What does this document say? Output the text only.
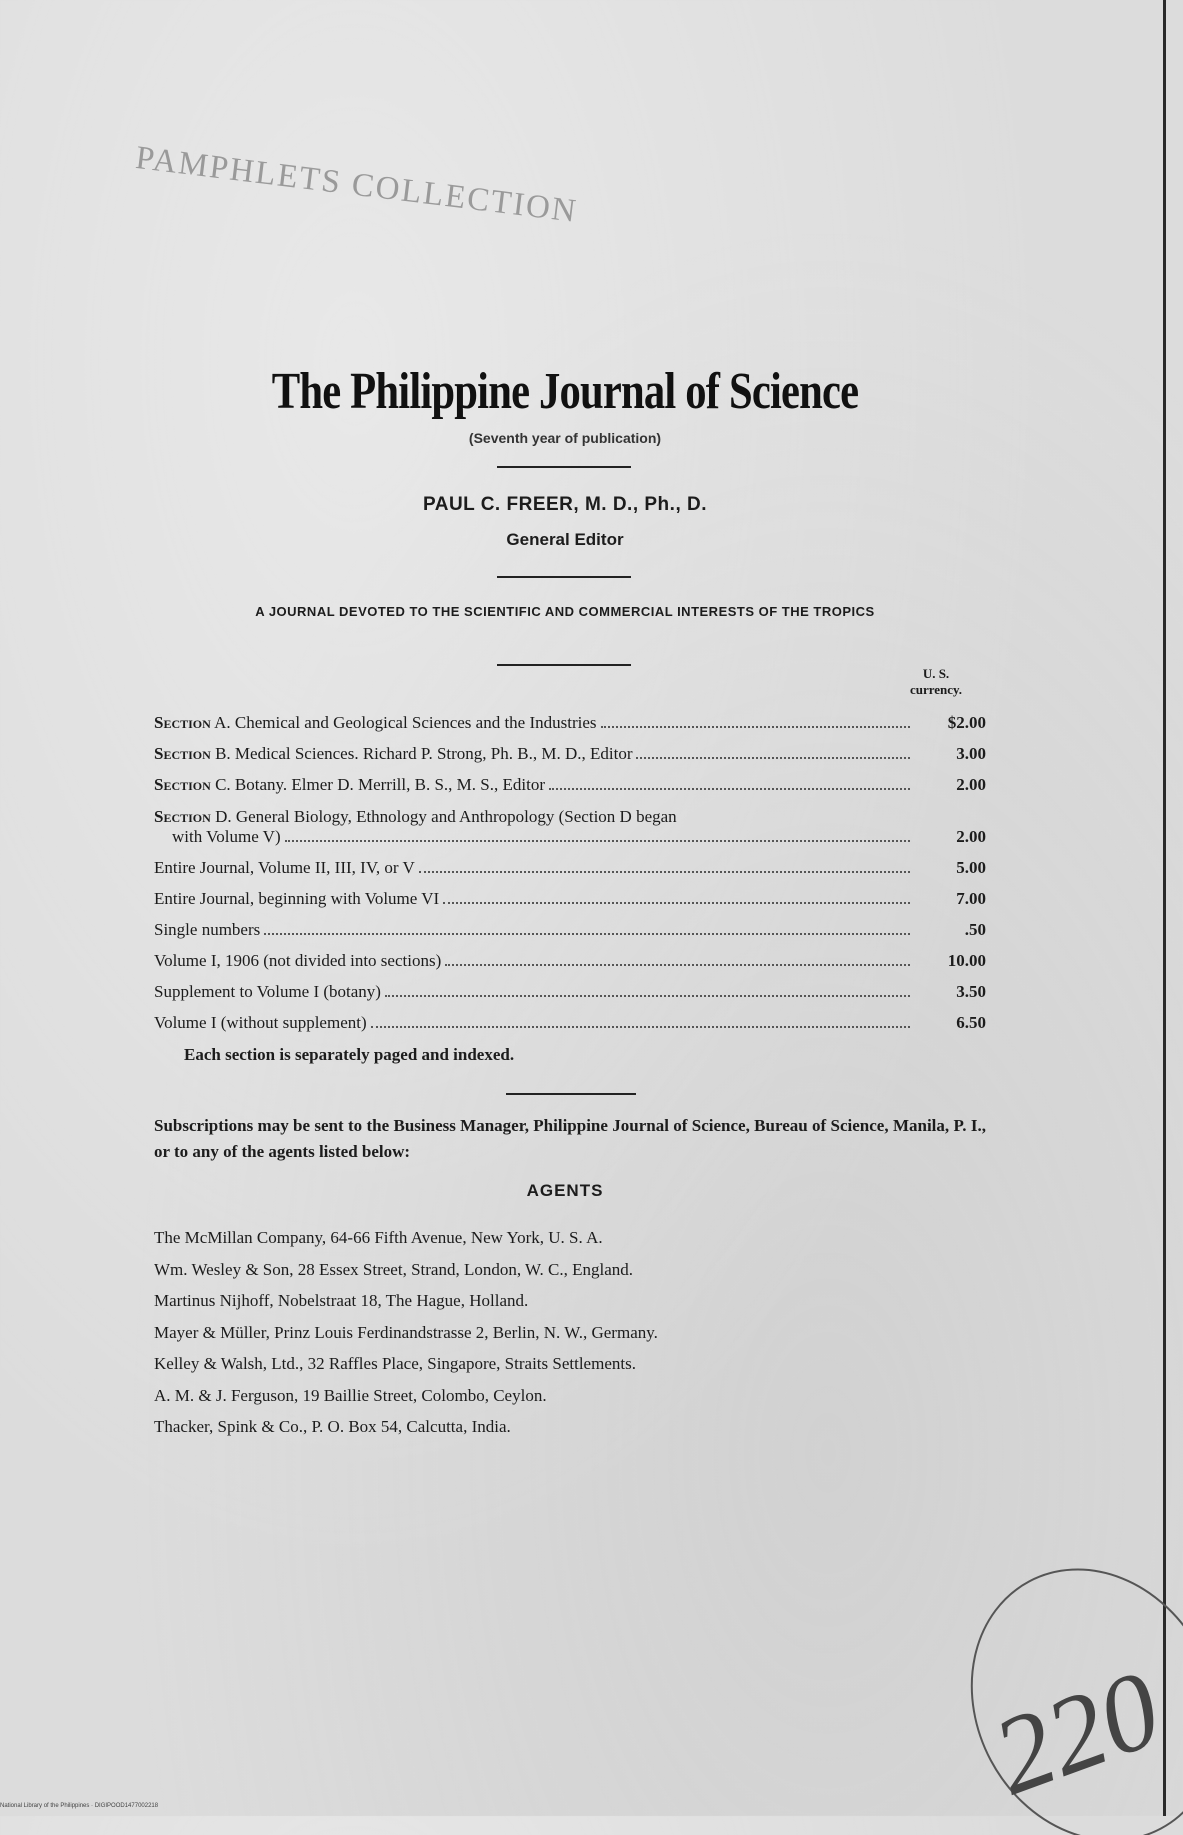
PAMPHLETS COLLECTION
The Philippine Journal of Science
(Seventh year of publication)
PAUL C. FREER, M. D., Ph., D.
General Editor
A JOURNAL DEVOTED TO THE SCIENTIFIC AND COMMERCIAL INTERESTS OF THE TROPICS
U. S.
currency.
Section A. Chemical and Geological Sciences and the Industries	$2.00
Section B. Medical Sciences. Richard P. Strong, Ph. B., M. D., Editor	3.00
Section C. Botany. Elmer D. Merrill, B. S., M. S., Editor	2.00
Section D. General Biology, Ethnology and Anthropology (Section D began
with Volume V)	2.00
Entire Journal, Volume II, III, IV, or V	5.00
Entire Journal, beginning with Volume VI	7.00
Single numbers	.50
Volume I, 1906 (not divided into sections)	10.00
Supplement to Volume I (botany)	3.50
Volume I (without supplement)	6.50
Each section is separately paged and indexed.
Subscriptions may be sent to the Business Manager, Philippine Journal of Science, Bureau of Science, Manila, P. I., or to any of the agents listed below:
AGENTS
The McMillan Company, 64-66 Fifth Avenue, New York, U. S. A.
Wm. Wesley & Son, 28 Essex Street, Strand, London, W. C., England.
Martinus Nijhoff, Nobelstraat 18, The Hague, Holland.
Mayer & Müller, Prinz Louis Ferdinandstrasse 2, Berlin, N. W., Germany.
Kelley & Walsh, Ltd., 32 Raffles Place, Singapore, Straits Settlements.
A. M. & J. Ferguson, 19 Baillie Street, Colombo, Ceylon.
Thacker, Spink & Co., P. O. Box 54, Calcutta, India.
220
National Library of the Philippines · DIGIPOOD1477002218
